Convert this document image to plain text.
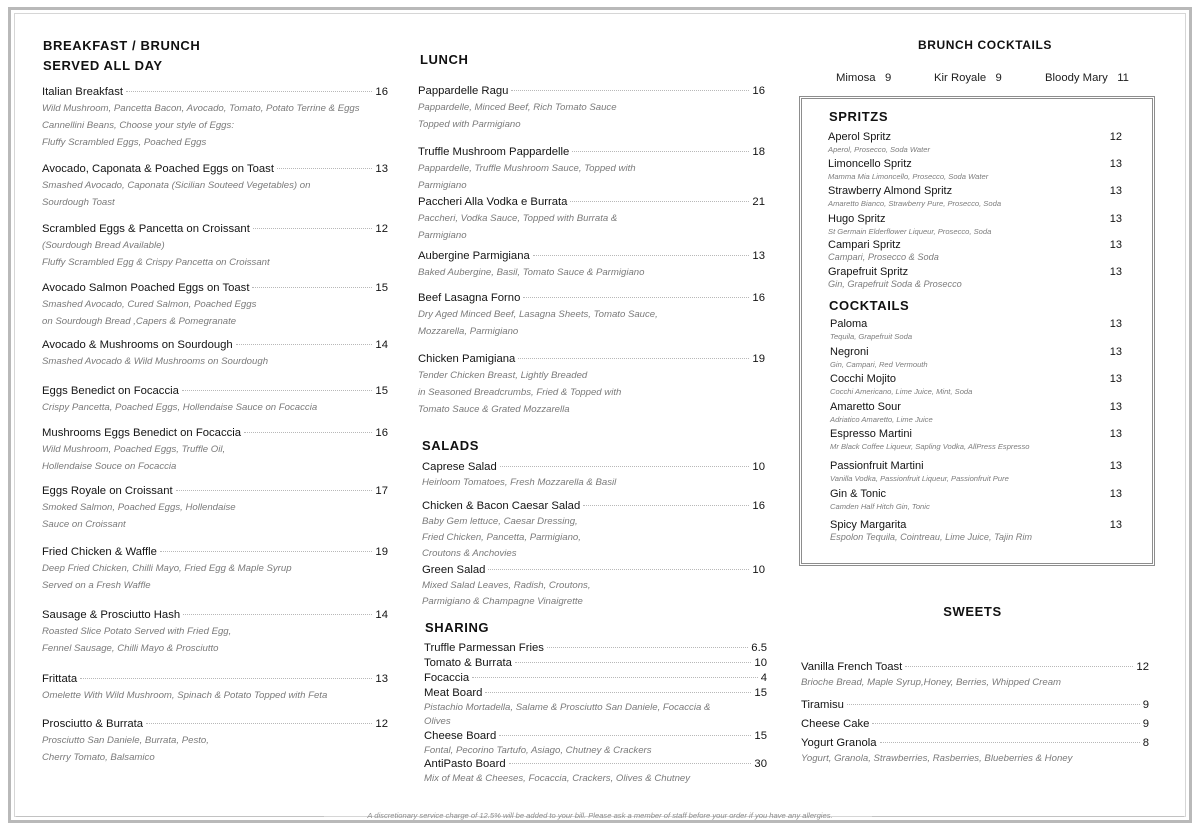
BREAKFAST / BRUNCH
SERVED ALL DAY
Italian Breakfast	16
Wild Mushroom, Pancetta Bacon, Avocado, Tomato, Potato Terrine & Eggs
Cannellini Beans, Choose your style of Eggs:
Fluffy Scrambled Eggs, Poached Eggs
Avocado, Caponata & Poached Eggs on Toast	13
Smashed Avocado, Caponata (Sicilian Souteed Vegetables) on
Sourdough Toast
Scrambled Eggs & Pancetta on Croissant	12
(Sourdough Bread Available)
Fluffy Scrambled Egg & Crispy Pancetta on Croissant
Avocado Salmon Poached Eggs on Toast	15
Smashed Avocado, Cured Salmon, Poached Eggs
on Sourdough Bread ,Capers & Pomegranate
Avocado & Mushrooms on Sourdough	14
Smashed Avocado & Wild Mushrooms on Sourdough
Eggs Benedict on Focaccia	15
Crispy Pancetta, Poached Eggs, Hollendaise Sauce on Focaccia
Mushrooms Eggs Benedict on Focaccia	16
Wild Mushroom, Poached Eggs, Truffle Oil,
Hollendaise Souce on Focaccia
Eggs Royale on Croissant	17
Smoked Salmon, Poached Eggs, Hollendaise
Sauce on Croissant
Fried Chicken & Waffle	19
Deep Fried Chicken, Chilli Mayo, Fried Egg & Maple Syrup
Served on a Fresh Waffle
Sausage & Prosciutto Hash	14
Roasted Slice Potato Served with Fried Egg,
Fennel Sausage, Chilli Mayo & Prosciutto
Frittata	13
Omelette With Wild Mushroom, Spinach & Potato Topped with Feta
Prosciutto & Burrata	12
Prosciutto San Daniele, Burrata, Pesto,
Cherry Tomato, Balsamico
LUNCH
Pappardelle Ragu	16
Pappardelle, Minced Beef, Rich Tomato Sauce
Topped with Parmigiano
Truffle Mushroom Pappardelle	18
Pappardelle, Truffle Mushroom Sauce, Topped with
Parmigiano
Paccheri Alla Vodka e Burrata	21
Paccheri, Vodka Sauce, Topped with Burrata &
Parmigiano
Aubergine Parmigiana	13
Baked Aubergine, Basil, Tomato Sauce & Parmigiano
Beef Lasagna Forno	16
Dry Aged Minced Beef, Lasagna Sheets, Tomato Sauce,
Mozzarella, Parmigiano
Chicken Pamigiana	19
Tender Chicken Breast, Lightly Breaded
in Seasoned Breadcrumbs, Fried & Topped with
Tomato Sauce & Grated Mozzarella
SALADS
Caprese Salad	10
Heirloom Tomatoes, Fresh Mozzarella & Basil
Chicken & Bacon Caesar Salad	16
Baby Gem lettuce, Caesar Dressing,
Fried Chicken, Pancetta, Parmigiano,
Croutons & Anchovies
Green Salad	10
Mixed Salad Leaves, Radish, Croutons,
Parmigiano & Champagne Vinaigrette
SHARING
Truffle Parmessan Fries	6.5
Tomato & Burrata	10
Focaccia	4
Meat Board	15
Pistachio Mortadella, Salame & Prosciutto San Daniele, Focaccia &
Olives
Cheese Board	15
Fontal, Pecorino Tartufo, Asiago, Chutney & Crackers
AntiPasto Board	30
Mix of Meat & Cheeses, Focaccia, Crackers, Olives & Chutney
BRUNCH COCKTAILS
Mimosa 9	Kir Royale 9	Bloody Mary 11
SPRITZS
Aperol Spritz	12
Aperol, Prosecco, Soda Water
Limoncello Spritz	13
Mamma Mia Limoncello, Prosecco, Soda Water
Strawberry Almond Spritz	13
Amaretto Bianco, Strawberry Pure, Prosecco, Soda
Hugo Spritz	13
St Germain Elderflower Liqueur, Prosecco, Soda
Campari Spritz	13
Campari, Prosecco & Soda
Grapefruit Spritz	13
Gin, Grapefruit Soda & Prosecco
COCKTAILS
Paloma	13
Tequila, Grapefruit Soda
Negroni	13
Gin, Campari, Red Vermouth
Cocchi Mojito	13
Cocchi Americano, Lime Juice, Mint, Soda
Amaretto Sour	13
Adriatico Amaretto, Lime Juice
Espresso Martini	13
Mr Black Coffee Liqueur, Sapling Vodka, AllPress Espresso
Passionfruit Martini	13
Vanilla Vodka, Passionfruit Liqueur, Passionfruit Pure
Gin & Tonic	13
Camden Half Hitch Gin, Tonic
Spicy Margarita	13
Espolon Tequila, Cointreau, Lime Juice, Tajin Rim
SWEETS
Vanilla French Toast	12
Brioche Bread, Maple Syrup,Honey, Berries, Whipped Cream
Tiramisu	9
Cheese Cake	9
Yogurt Granola	8
Yogurt, Granola, Strawberries, Rasberries, Blueberries & Honey
A discretionary service charge of 12.5% will be added to your bill. Please ask a member of staff before your order if you have any allergies.
